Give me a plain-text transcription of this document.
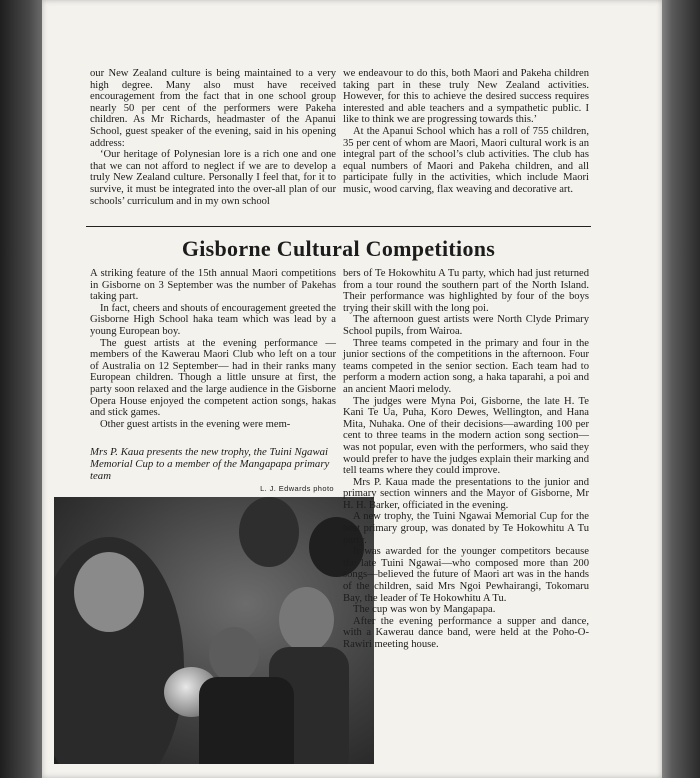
our New Zealand culture is being maintained to a very high degree. Many also must have received encouragement from the fact that in one school group nearly 50 per cent of the performers were Pakeha children. As Mr Richards, headmaster of the Apanui School, guest speaker of the evening, said in his opening address:

‘Our heritage of Polynesian lore is a rich one and one that we can not afford to neglect if we are to develop a truly New Zealand culture. Personally I feel that, for it to survive, it must be integrated into the over-all plan of our schools’ curriculum and in my own school

we endeavour to do this, both Maori and Pakeha children taking part in these truly New Zealand activities. However, for this to achieve the desired success requires interested and able teachers and a sympathetic public. I like to think we are progressing towards this.’

At the Apanui School which has a roll of 755 children, 35 per cent of whom are Maori, Maori cultural work is an integral part of the school’s club activities. The club has equal numbers of Maori and Pakeha children, and all participate fully in the activities, which include Maori music, wood carving, flax weaving and decorative art.

Gisborne Cultural Competitions

A striking feature of the 15th annual Maori competitions in Gisborne on 3 September was the number of Pakehas taking part.

In fact, cheers and shouts of encouragement greeted the Gisborne High School haka team which was lead by a young European boy.

The guest artists at the evening performance —members of the Kawerau Maori Club who left on a tour of Australia on 12 September— had in their ranks many European children. Though a little unsure at first, the party soon relaxed and the large audience in the Gisborne Opera House enjoyed the competent action songs, hakas and stick games.

Other guest artists in the evening were mem-

Mrs P. Kaua presents the new trophy, the Tuini Ngawai Memorial Cup to a member of the Mangapapa primary team
L. J. Edwards photo

bers of Te Hokowhitu A Tu party, which had just returned from a tour round the southern part of the North Island. Their performance was highlighted by four of the boys trying their skill with the long poi.

The afternoon guest artists were North Clyde Primary School pupils, from Wairoa.

Three teams competed in the primary and four in the junior sections of the competitions in the afternoon. Four teams competed in the senior section. Each team had to perform a modern action song, a haka taparahi, a poi and an ancient Maori melody.

The judges were Myna Poi, Gisborne, the late H. Te Kani Te Ua, Puha, Koro Dewes, Wellington, and Hana Mita, Nuhaka. One of their decisions—awarding 100 per cent to three teams in the modern action song section— was not popular, even with the performers, who said they would prefer to have the judges explain their marking and tell teams where they could improve.

Mrs P. Kaua made the presentations to the junior and primary section winners and the Mayor of Gisborne, Mr H. H. Barker, officiated in the evening.

A new trophy, the Tuini Ngawai Memorial Cup for the best primary group, was donated by Te Hokowhitu A Tu party.

It was awarded for the younger competitors because the late Tuini Ngawai—who composed more than 200 songs—believed the future of Maori art was in the hands of the children, said Mrs Ngoi Pewhairangi, Tokomaru Bay, the leader of Te Hokowhitu A Tu.

The cup was won by Mangapapa.

After the evening performance a supper and dance, with a Kawerau dance band, were held at the Poho-O-Rawiri meeting house.
